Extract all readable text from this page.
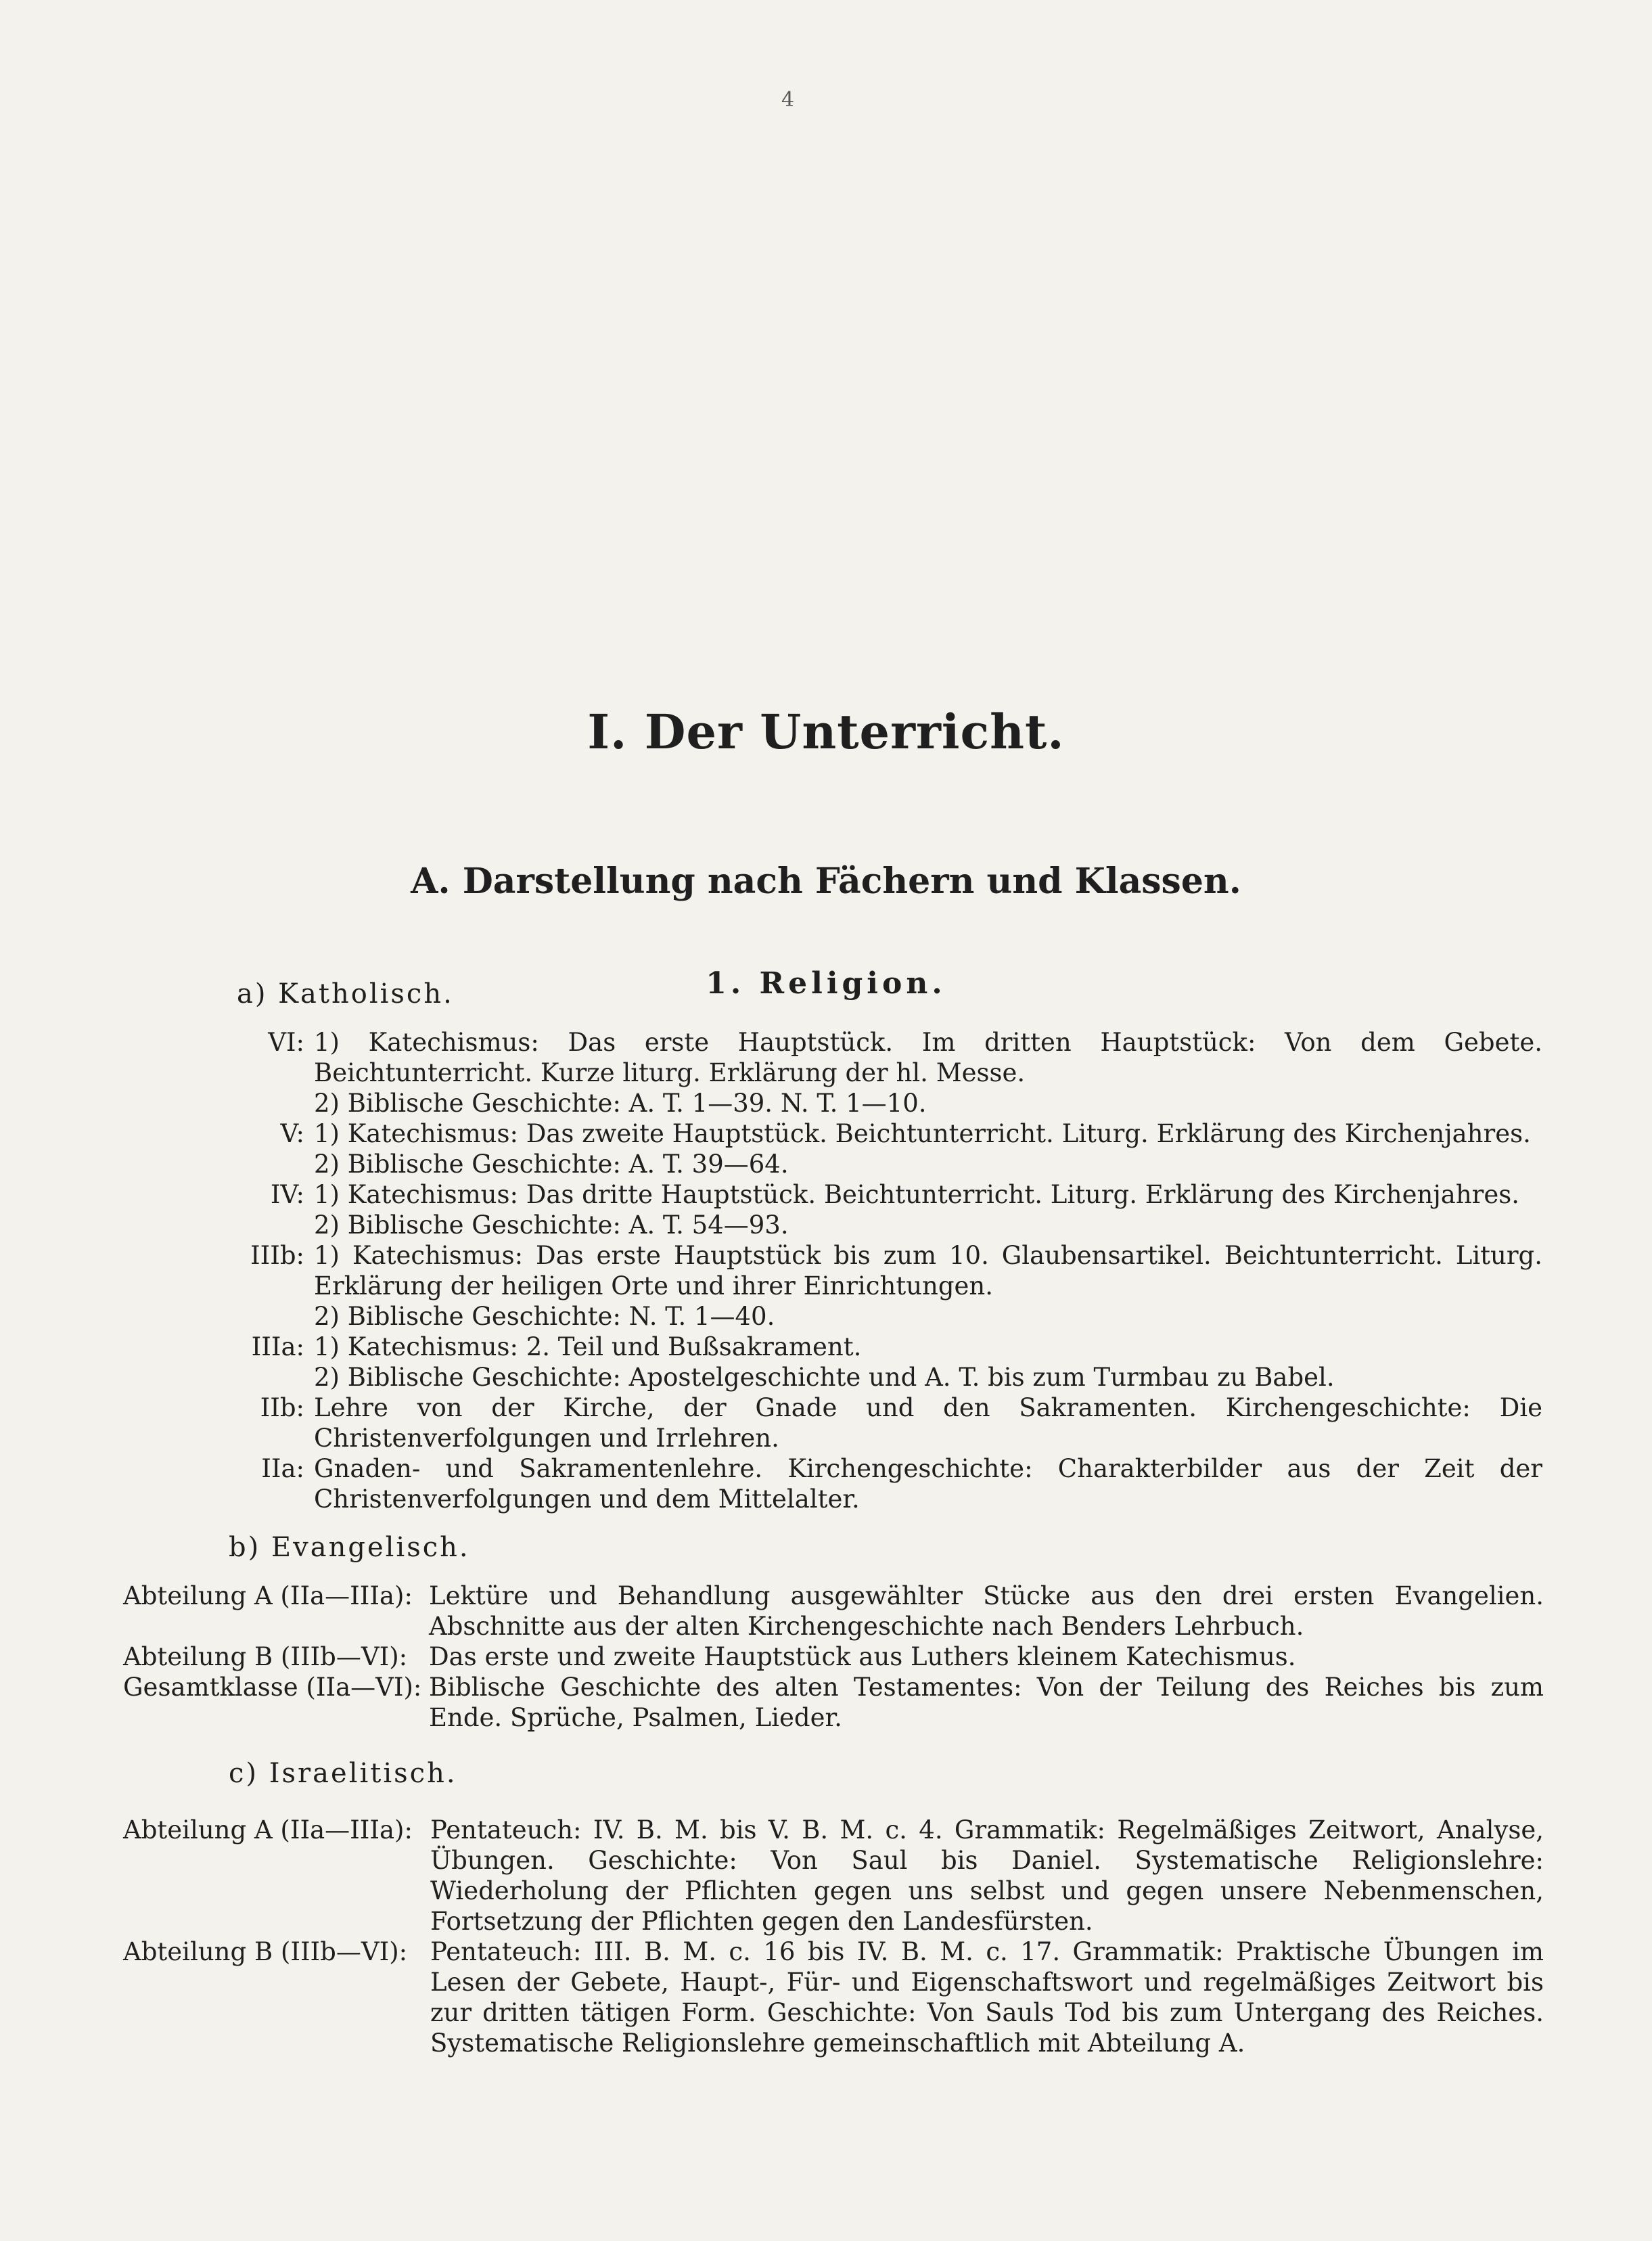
4
I. Der Unterricht.
A. Darstellung nach Fächern und Klassen.
1. Religion.
a) Katholisch.
VI: 1) Katechismus: Das erste Hauptstück. Im dritten Hauptstück: Von dem Gebete. Beichtunterricht. Kurze liturg. Erklärung der hl. Messe.

2) Biblische Geschichte: A. T. 1—39. N. T. 1—10.

V: 1) Katechismus: Das zweite Hauptstück. Beichtunterricht. Liturg. Erklärung des Kirchenjahres.

2) Biblische Geschichte: A. T. 39—64.

IV: 1) Katechismus: Das dritte Hauptstück. Beichtunterricht. Liturg. Erklärung des Kirchenjahres.

2) Biblische Geschichte: A. T. 54—93.

IIIb: 1) Katechismus: Das erste Hauptstück bis zum 10. Glaubensartikel. Beichtunterricht. Liturg. Erklärung der heiligen Orte und ihrer Einrichtungen.

2) Biblische Geschichte: N. T. 1—40.

IIIa: 1) Katechismus: 2. Teil und Bußsakrament.

2) Biblische Geschichte: Apostelgeschichte und A. T. bis zum Turmbau zu Babel.

IIb: Lehre von der Kirche, der Gnade und den Sakramenten. Kirchengeschichte: Die Christenverfolgungen und Irrlehren.

IIa: Gnaden- und Sakramentenlehre. Kirchengeschichte: Charakterbilder aus der Zeit der Christenverfolgungen und dem Mittelalter.

b) Evangelisch.
Abteilung A (IIa—IIIa): Lektüre und Behandlung ausgewählter Stücke aus den drei ersten Evangelien. Abschnitte aus der alten Kirchengeschichte nach Benders Lehrbuch.

Abteilung B (IIIb—VI): Das erste und zweite Hauptstück aus Luthers kleinem Katechismus.

Gesamtklasse (IIa—VI): Biblische Geschichte des alten Testamentes: Von der Teilung des Reiches bis zum Ende. Sprüche, Psalmen, Lieder.

c) Israelitisch.
Abteilung A (IIa—IIIa): Pentateuch: IV. B. M. bis V. B. M. c. 4. Grammatik: Regelmäßiges Zeitwort, Analyse, Übungen. Geschichte: Von Saul bis Daniel. Systematische Religionslehre: Wiederholung der Pflichten gegen uns selbst und gegen unsere Nebenmenschen, Fortsetzung der Pflichten gegen den Landesfürsten.

Abteilung B (IIIb—VI): Pentateuch: III. B. M. c. 16 bis IV. B. M. c. 17. Grammatik: Praktische Übungen im Lesen der Gebete, Haupt-, Für- und Eigenschaftswort und regelmäßiges Zeitwort bis zur dritten tätigen Form. Geschichte: Von Sauls Tod bis zum Untergang des Reiches. Systematische Religionslehre gemeinschaftlich mit Abteilung A.
